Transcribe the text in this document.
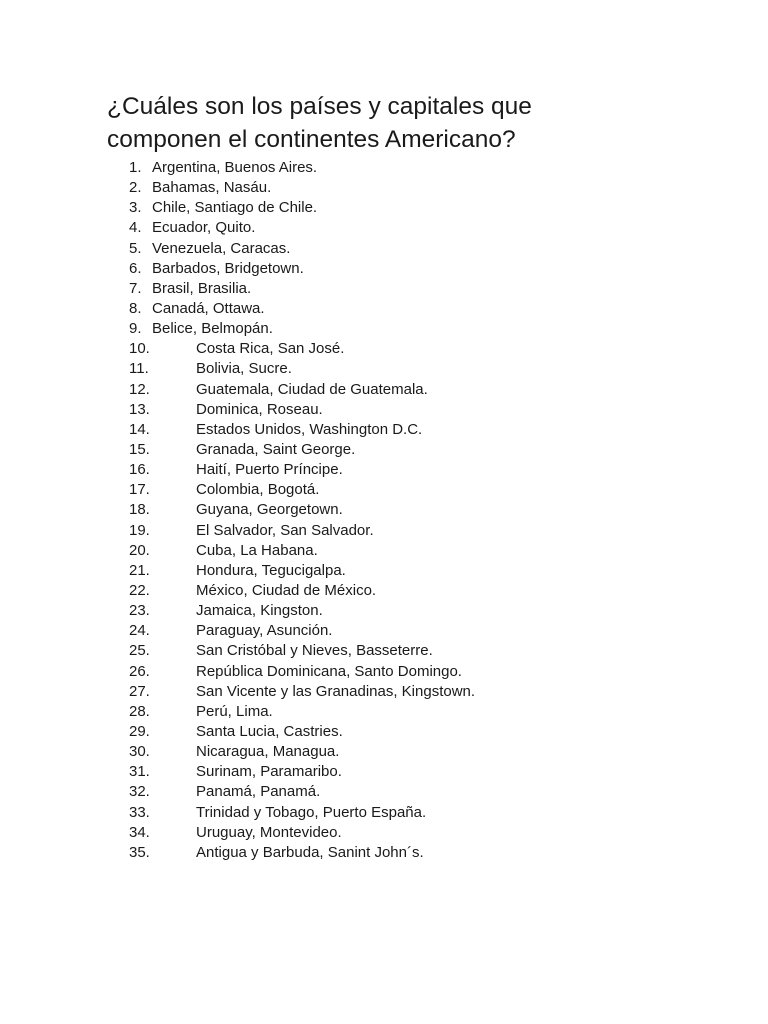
¿Cuáles son los países y capitales que
componen el continentes Americano?
1. Argentina, Buenos Aires.
2. Bahamas, Nasáu.
3. Chile, Santiago de Chile.
4. Ecuador, Quito.
5. Venezuela, Caracas.
6. Barbados, Bridgetown.
7. Brasil, Brasilia.
8. Canadá, Ottawa.
9. Belice, Belmopán.
10.	Costa Rica, San José.
11.	Bolivia, Sucre.
12.	Guatemala, Ciudad de Guatemala.
13.	Dominica, Roseau.
14.	Estados Unidos, Washington D.C.
15.	Granada, Saint George.
16.	Haití, Puerto Príncipe.
17.	Colombia, Bogotá.
18.	Guyana, Georgetown.
19.	El Salvador, San Salvador.
20.	Cuba, La Habana.
21.	Hondura, Tegucigalpa.
22.	México, Ciudad de México.
23.	Jamaica, Kingston.
24.	Paraguay, Asunción.
25.	San Cristóbal y Nieves, Basseterre.
26.	República Dominicana, Santo Domingo.
27.	San Vicente y las Granadinas, Kingstown.
28.	Perú, Lima.
29.	Santa Lucia, Castries.
30.	Nicaragua, Managua.
31.	Surinam, Paramaribo.
32.	Panamá, Panamá.
33.	Trinidad y Tobago, Puerto España.
34.	Uruguay, Montevideo.
35.	Antigua y Barbuda, Sanint John´s.
